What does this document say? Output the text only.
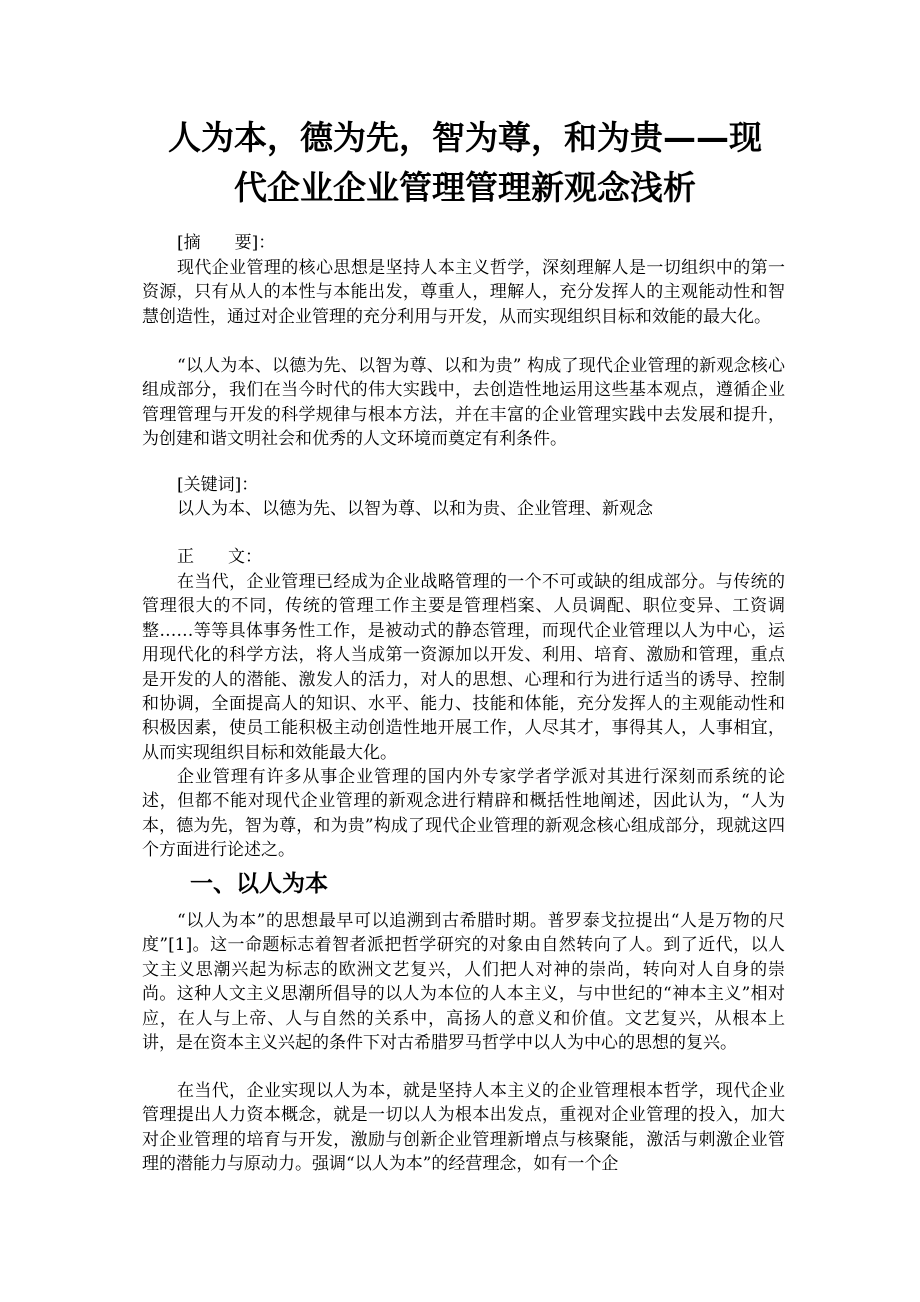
人为本，德为先，智为尊，和为贵——现
代企业企业管理管理新观念浅析

[摘　　要]：

现代企业管理的核心思想是坚持人本主义哲学，深刻理解人是一切组织中的第一资源，只有从人的本性与本能出发，尊重人，理解人，充分发挥人的主观能动性和智慧创造性，通过对企业管理的充分利用与开发，从而实现组织目标和效能的最大化。

“以人为本、以德为先、以智为尊、以和为贵” 构成了现代企业管理的新观念核心组成部分，我们在当今时代的伟大实践中，去创造性地运用这些基本观点，遵循企业管理管理与开发的科学规律与根本方法，并在丰富的企业管理实践中去发展和提升，为创建和谐文明社会和优秀的人文环境而奠定有利条件。

[关键词]：

以人为本、以德为先、以智为尊、以和为贵、企业管理、新观念

正　　文：

在当代，企业管理已经成为企业战略管理的一个不可或缺的组成部分。与传统的管理很大的不同，传统的管理工作主要是管理档案、人员调配、职位变异、工资调整……等等具体事务性工作，是被动式的静态管理，而现代企业管理以人为中心，运用现代化的科学方法，将人当成第一资源加以开发、利用、培育、激励和管理，重点是开发的人的潜能、激发人的活力，对人的思想、心理和行为进行适当的诱导、控制和协调，全面提高人的知识、水平、能力、技能和体能，充分发挥人的主观能动性和积极因素，使员工能积极主动创造性地开展工作，人尽其才，事得其人，人事相宜，从而实现组织目标和效能最大化。

企业管理有许多从事企业管理的国内外专家学者学派对其进行深刻而系统的论述，但都不能对现代企业管理的新观念进行精辟和概括性地阐述，因此认为，“人为本，德为先，智为尊，和为贵”构成了现代企业管理的新观念核心组成部分，现就这四个方面进行论述之。

一、以人为本

“以人为本”的思想最早可以追溯到古希腊时期。普罗泰戈拉提出“人是万物的尺度”[1]。这一命题标志着智者派把哲学研究的对象由自然转向了人。到了近代，以人文主义思潮兴起为标志的欧洲文艺复兴，人们把人对神的崇尚，转向对人自身的崇尚。这种人文主义思潮所倡导的以人为本位的人本主义，与中世纪的“神本主义”相对应，在人与上帝、人与自然的关系中，高扬人的意义和价值。文艺复兴，从根本上讲，是在资本主义兴起的条件下对古希腊罗马哲学中以人为中心的思想的复兴。

在当代，企业实现以人为本，就是坚持人本主义的企业管理根本哲学，现代企业管理提出人力资本概念，就是一切以人为根本出发点，重视对企业管理的投入，加大对企业管理的培育与开发，激励与创新企业管理新增点与核聚能，激活与刺激企业管理的潜能力与原动力。强调“以人为本”的经营理念，如有一个企
